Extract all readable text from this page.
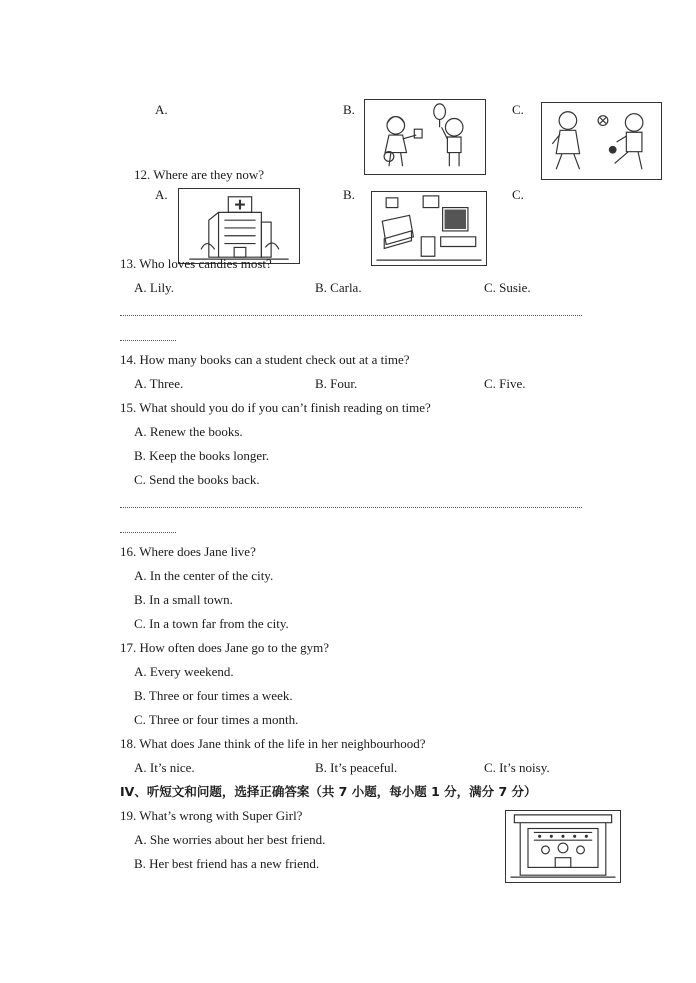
A.	B.	C.
12. Where are they now?
A.	B.	C.
13. Who loves candies most?
A. Lily.	B. Carla.	C. Susie.
14. How many books can a student check out at a time?
A. Three.	B. Four.	C. Five.
15. What should you do if you can’t finish reading on time?
A. Renew the books.
B. Keep the books longer.
C. Send the books back.
16. Where does Jane live?
A. In the center of the city.
B. In a small town.
C. In a town far from the city.
17. How often does Jane go to the gym?
A. Every weekend.
B. Three or four times a week.
C. Three or four times a month.
18. What does Jane think of the life in her neighbourhood?
A. It’s nice.	B. It’s peaceful.	C. It’s noisy.
IV、听短文和问题，选择正确答案（共 7 小题，每小题 1 分，满分 7 分）
19. What’s wrong with Super Girl?
A. She worries about her best friend.
B. Her best friend has a new friend.
